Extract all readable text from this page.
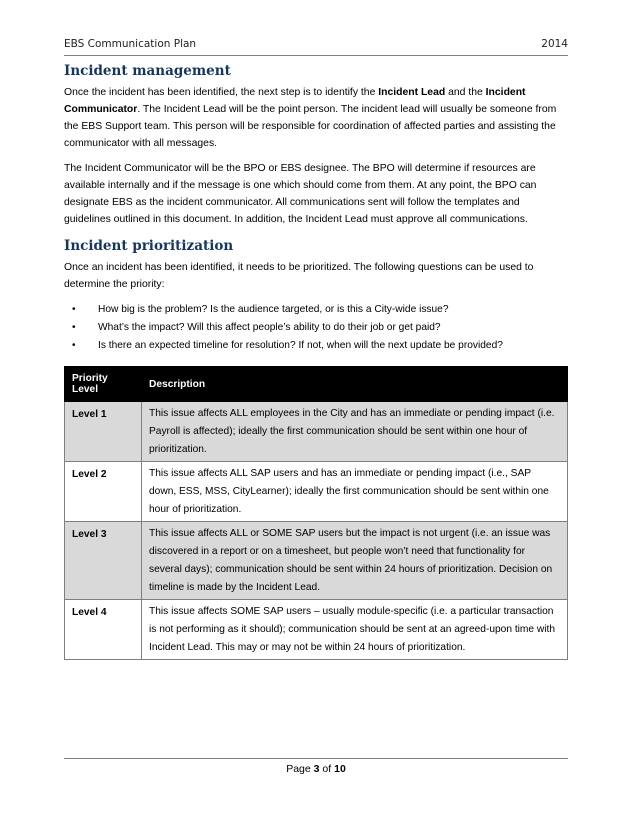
EBS Communication Plan	2014
Incident management

Once the incident has been identified, the next step is to identify the Incident Lead and the Incident Communicator. The Incident Lead will be the point person. The incident lead will usually be someone from the EBS Support team. This person will be responsible for coordination of affected parties and assisting the communicator with all messages.

The Incident Communicator will be the BPO or EBS designee. The BPO will determine if resources are available internally and if the message is one which should come from them. At any point, the BPO can designate EBS as the incident communicator. All communications sent will follow the templates and guidelines outlined in this document. In addition, the Incident Lead must approve all communications.

Incident prioritization

Once an incident has been identified, it needs to be prioritized. The following questions can be used to determine the priority:

• How big is the problem? Is the audience targeted, or is this a City-wide issue?
• What’s the impact? Will this affect people’s ability to do their job or get paid?
• Is there an expected timeline for resolution? If not, when will the next update be provided?
Priority Level	Description
Level 1	This issue affects ALL employees in the City and has an immediate or pending impact (i.e. Payroll is affected); ideally the first communication should be sent within one hour of prioritization.
Level 2	This issue affects ALL SAP users and has an immediate or pending impact (i.e., SAP down, ESS, MSS, CityLearner); ideally the first communication should be sent within one hour of prioritization.
Level 3	This issue affects ALL or SOME SAP users but the impact is not urgent (i.e. an issue was discovered in a report or on a timesheet, but people won’t need that functionality for several days); communication should be sent within 24 hours of prioritization. Decision on timeline is made by the Incident Lead.
Level 4	This issue affects SOME SAP users – usually module-specific (i.e. a particular transaction is not performing as it should); communication should be sent at an agreed-upon time with Incident Lead. This may or may not be within 24 hours of prioritization.
Page 3 of 10
